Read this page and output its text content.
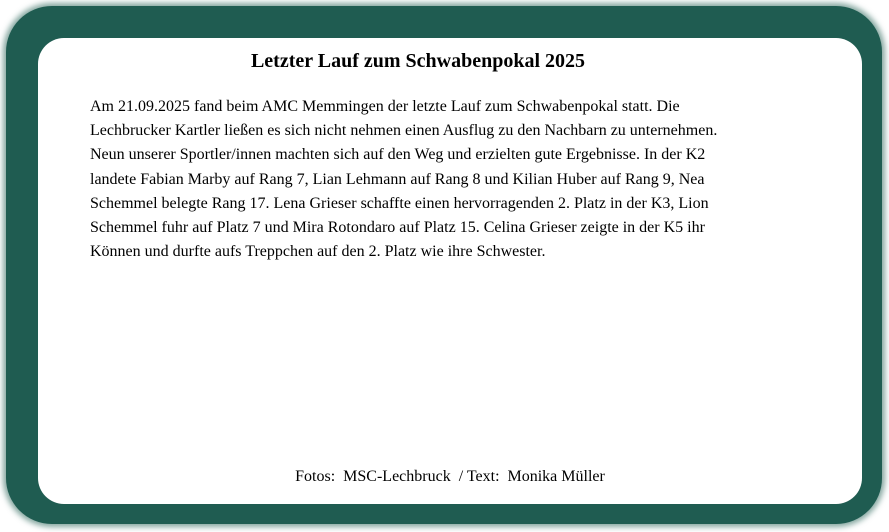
Letzter Lauf zum Schwabenpokal 2025

Am 21.09.2025 fand beim AMC Memmingen der letzte Lauf zum Schwabenpokal statt. Die Lechbrucker Kartler ließen es sich nicht nehmen einen Ausflug zu den Nachbarn zu unternehmen. Neun unserer Sportler/innen machten sich auf den Weg und erzielten gute Ergebnisse. In der K2 landete Fabian Marby auf Rang 7, Lian Lehmann auf Rang 8 und Kilian Huber auf Rang 9, Nea Schemmel belegte Rang 17. Lena Grieser schaffte einen hervorragenden 2. Platz in der K3, Lion Schemmel fuhr auf Platz 7 und Mira Rotondaro auf Platz 15. Celina Grieser zeigte in der K5 ihr Können und durfte aufs Treppchen auf den 2. Platz wie ihre Schwester.

Fotos:  MSC-Lechbruck  / Text:  Monika Müller
